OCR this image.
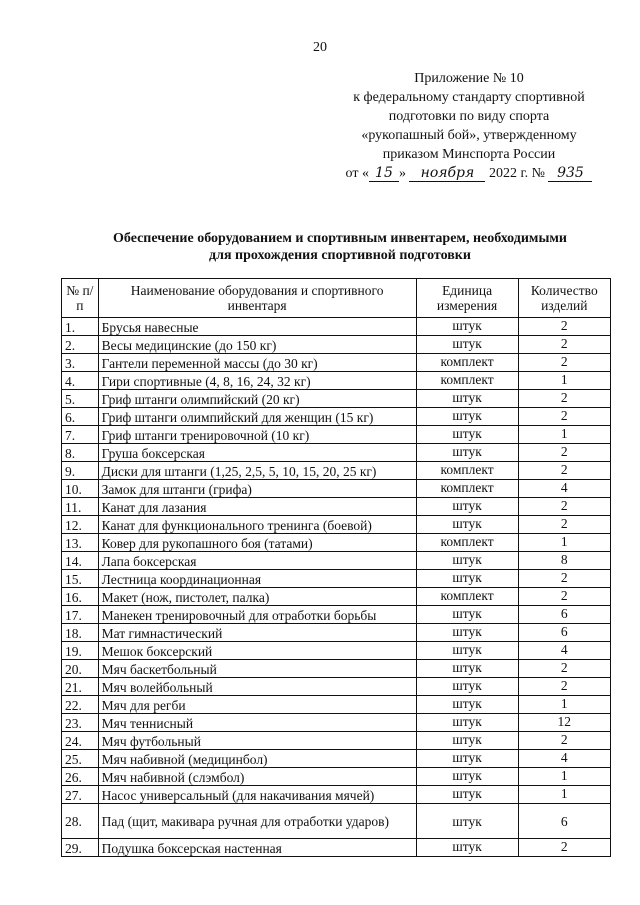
20
Приложение № 10
к федеральному стандарту спортивной
подготовки по виду спорта
«рукопашный бой», утвержденному
приказом Минспорта России
от « 15 » ноября 2022 г. № 935
Обеспечение оборудованием и спортивным инвентарем, необходимыми
для прохождения спортивной подготовки
№ п/п	Наименование оборудования и спортивного инвентаря	Единица измерения	Количество изделий
1.	Брусья навесные	штук	2
2.	Весы медицинские (до 150 кг)	штук	2
3.	Гантели переменной массы (до 30 кг)	комплект	2
4.	Гири спортивные (4, 8, 16, 24, 32 кг)	комплект	1
5.	Гриф штанги олимпийский (20 кг)	штук	2
6.	Гриф штанги олимпийский для женщин (15 кг)	штук	2
7.	Гриф штанги тренировочной (10 кг)	штук	1
8.	Груша боксерская	штук	2
9.	Диски для штанги (1,25, 2,5, 5, 10, 15, 20, 25 кг)	комплект	2
10.	Замок для штанги (грифа)	комплект	4
11.	Канат для лазания	штук	2
12.	Канат для функционального тренинга (боевой)	штук	2
13.	Ковер для рукопашного боя (татами)	комплект	1
14.	Лапа боксерская	штук	8
15.	Лестница координационная	штук	2
16.	Макет (нож, пистолет, палка)	комплект	2
17.	Манекен тренировочный для отработки борьбы	штук	6
18.	Мат гимнастический	штук	6
19.	Мешок боксерский	штук	4
20.	Мяч баскетбольный	штук	2
21.	Мяч волейбольный	штук	2
22.	Мяч для регби	штук	1
23.	Мяч теннисный	штук	12
24.	Мяч футбольный	штук	2
25.	Мяч набивной (медицинбол)	штук	4
26.	Мяч набивной (слэмбол)	штук	1
27.	Насос универсальный (для накачивания мячей)	штук	1
28.	Пад (щит, макивара ручная для отработки ударов)	штук	6
29.	Подушка боксерская настенная	штук	2
